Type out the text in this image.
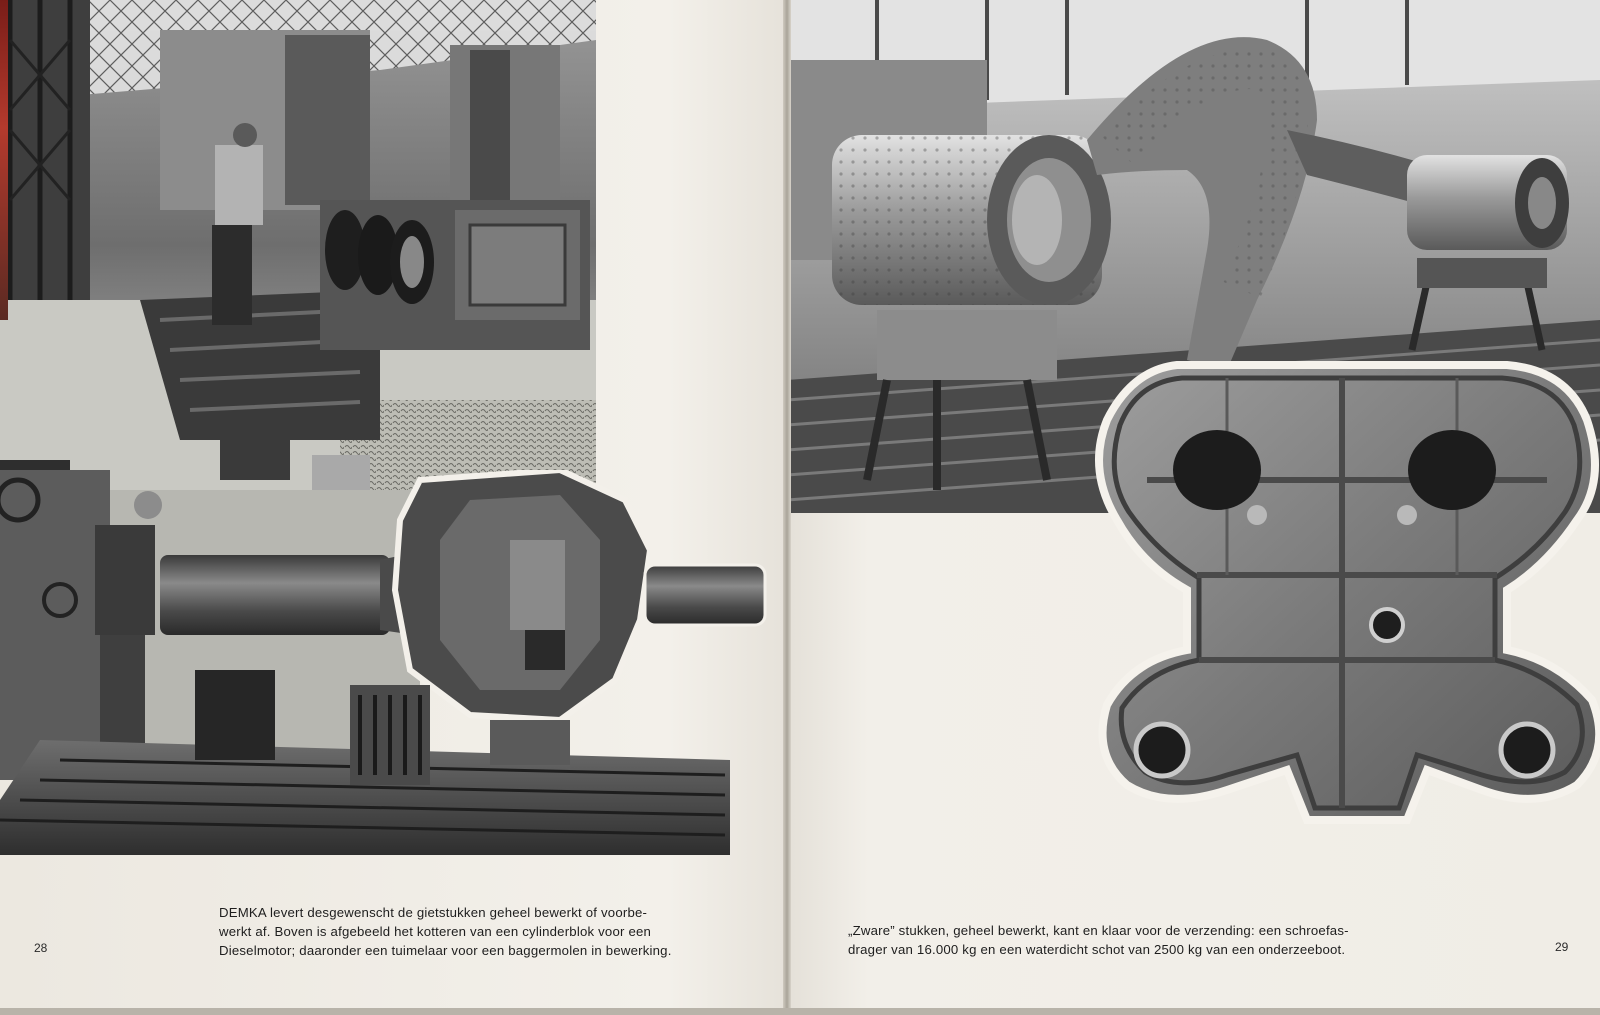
DEMKA levert desgewenscht de gietstukken geheel bewerkt of voorbe-

werkt af. Boven is afgebeeld het kotteren van een cylinderblok voor een

Dieselmotor; daaronder een tuimelaar voor een baggermolen in bewerking.

28

„Zware” stukken, geheel bewerkt, kant en klaar voor de verzending: een schroefas-

drager van 16.000 kg en een waterdicht schot van 2500 kg van een onderzeeboot.	29
